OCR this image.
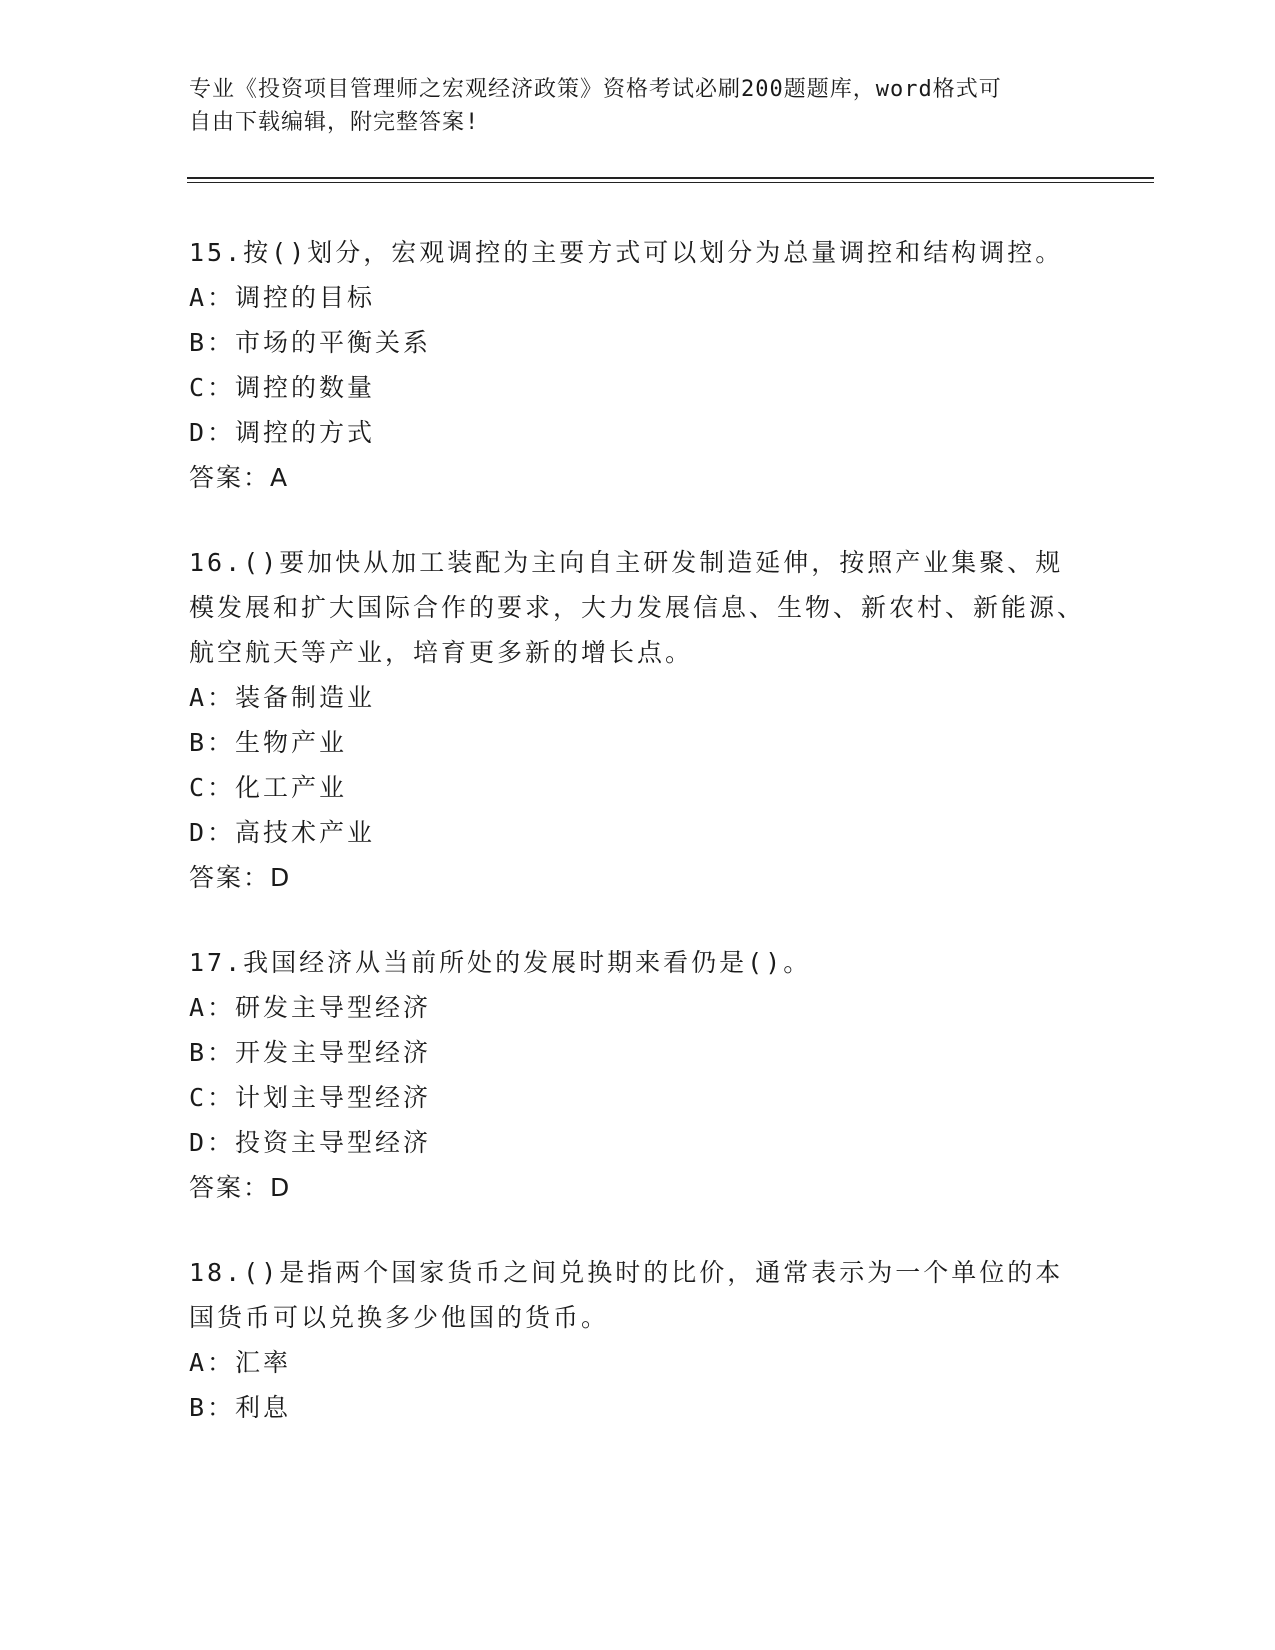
专业《投资项目管理师之宏观经济政策》资格考试必刷200题题库，word格式可
自由下载编辑，附完整答案!
15.按()划分，宏观调控的主要方式可以划分为总量调控和结构调控。
A：调控的目标
B：市场的平衡关系
C：调控的数量
D：调控的方式
答案：A
16.()要加快从加工装配为主向自主研发制造延伸，按照产业集聚、规模发展和扩大国际合作的要求，大力发展信息、生物、新农村、新能源、航空航天等产业，培育更多新的增长点。
A：装备制造业
B：生物产业
C：化工产业
D：高技术产业
答案：D
17.我国经济从当前所处的发展时期来看仍是()。
A：研发主导型经济
B：开发主导型经济
C：计划主导型经济
D：投资主导型经济
答案：D
18.()是指两个国家货币之间兑换时的比价，通常表示为一个单位的本国货币可以兑换多少他国的货币。
A：汇率
B：利息
